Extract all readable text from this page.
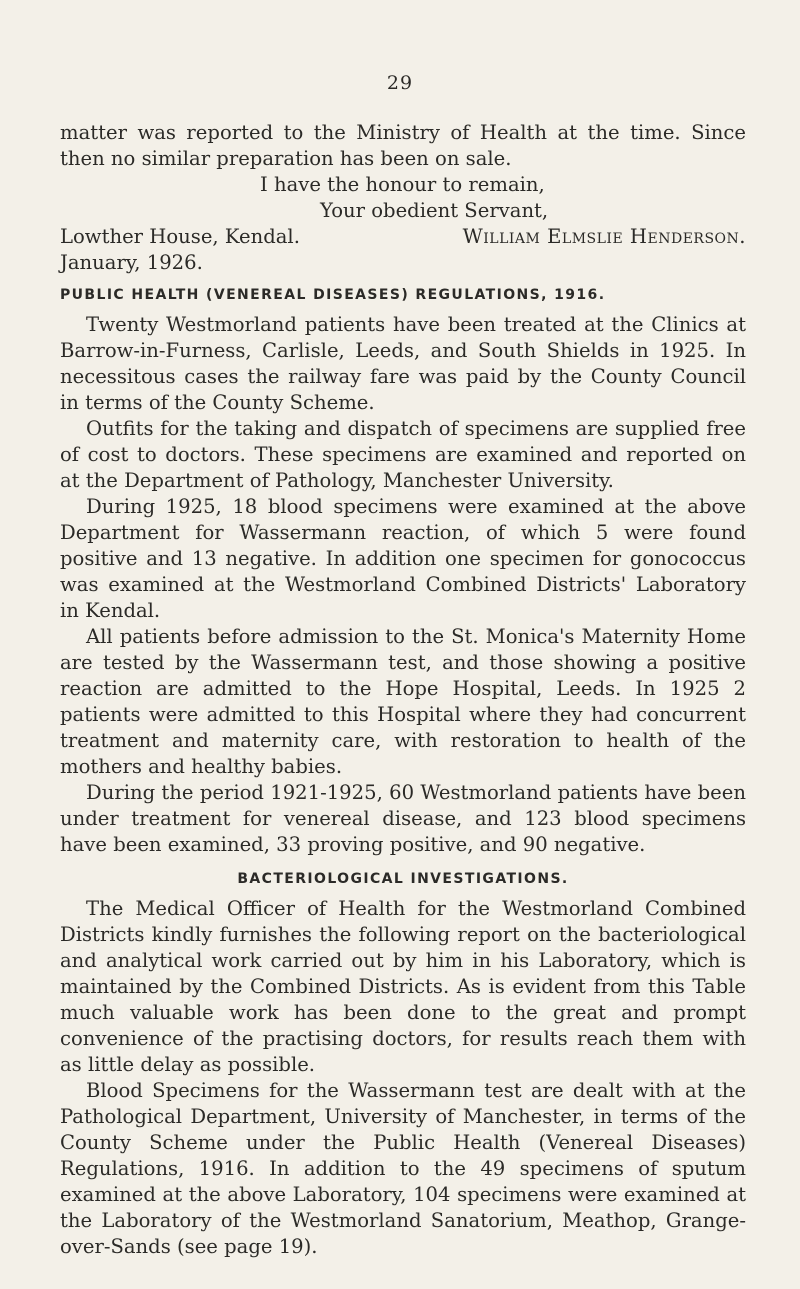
29

matter was reported to the Ministry of Health at the time. Since then no similar preparation has been on sale.

I have the honour to remain,

Your obedient Servant,

Lowther House, Kendal.	William Elmslie Henderson.

January, 1926.

PUBLIC HEALTH (VENEREAL DISEASES) REGULATIONS, 1916.

Twenty Westmorland patients have been treated at the Clinics at Barrow-in-Furness, Carlisle, Leeds, and South Shields in 1925. In necessitous cases the railway fare was paid by the County Council in terms of the County Scheme.

Outfits for the taking and dispatch of specimens are supplied free of cost to doctors. These specimens are examined and reported on at the Department of Pathology, Manchester University.

During 1925, 18 blood specimens were examined at the above Department for Wassermann reaction, of which 5 were found positive and 13 negative. In addition one specimen for gonococcus was examined at the Westmorland Combined Districts' Laboratory in Kendal.

All patients before admission to the St. Monica's Maternity Home are tested by the Wassermann test, and those showing a positive reaction are admitted to the Hope Hospital, Leeds. In 1925 2 patients were admitted to this Hospital where they had concurrent treatment and maternity care, with restoration to health of the mothers and healthy babies.

During the period 1921-1925, 60 Westmorland patients have been under treatment for venereal disease, and 123 blood specimens have been examined, 33 proving positive, and 90 negative.

BACTERIOLOGICAL INVESTIGATIONS.

The Medical Officer of Health for the Westmorland Combined Districts kindly furnishes the following report on the bacteriological and analytical work carried out by him in his Laboratory, which is maintained by the Combined Districts. As is evident from this Table much valuable work has been done to the great and prompt convenience of the practising doctors, for results reach them with as little delay as possible.

Blood Specimens for the Wassermann test are dealt with at the Pathological Department, University of Manchester, in terms of the County Scheme under the Public Health (Venereal Diseases) Regulations, 1916. In addition to the 49 specimens of sputum examined at the above Laboratory, 104 specimens were examined at the Laboratory of the Westmorland Sanatorium, Meathop, Grange-over-Sands (see page 19).
